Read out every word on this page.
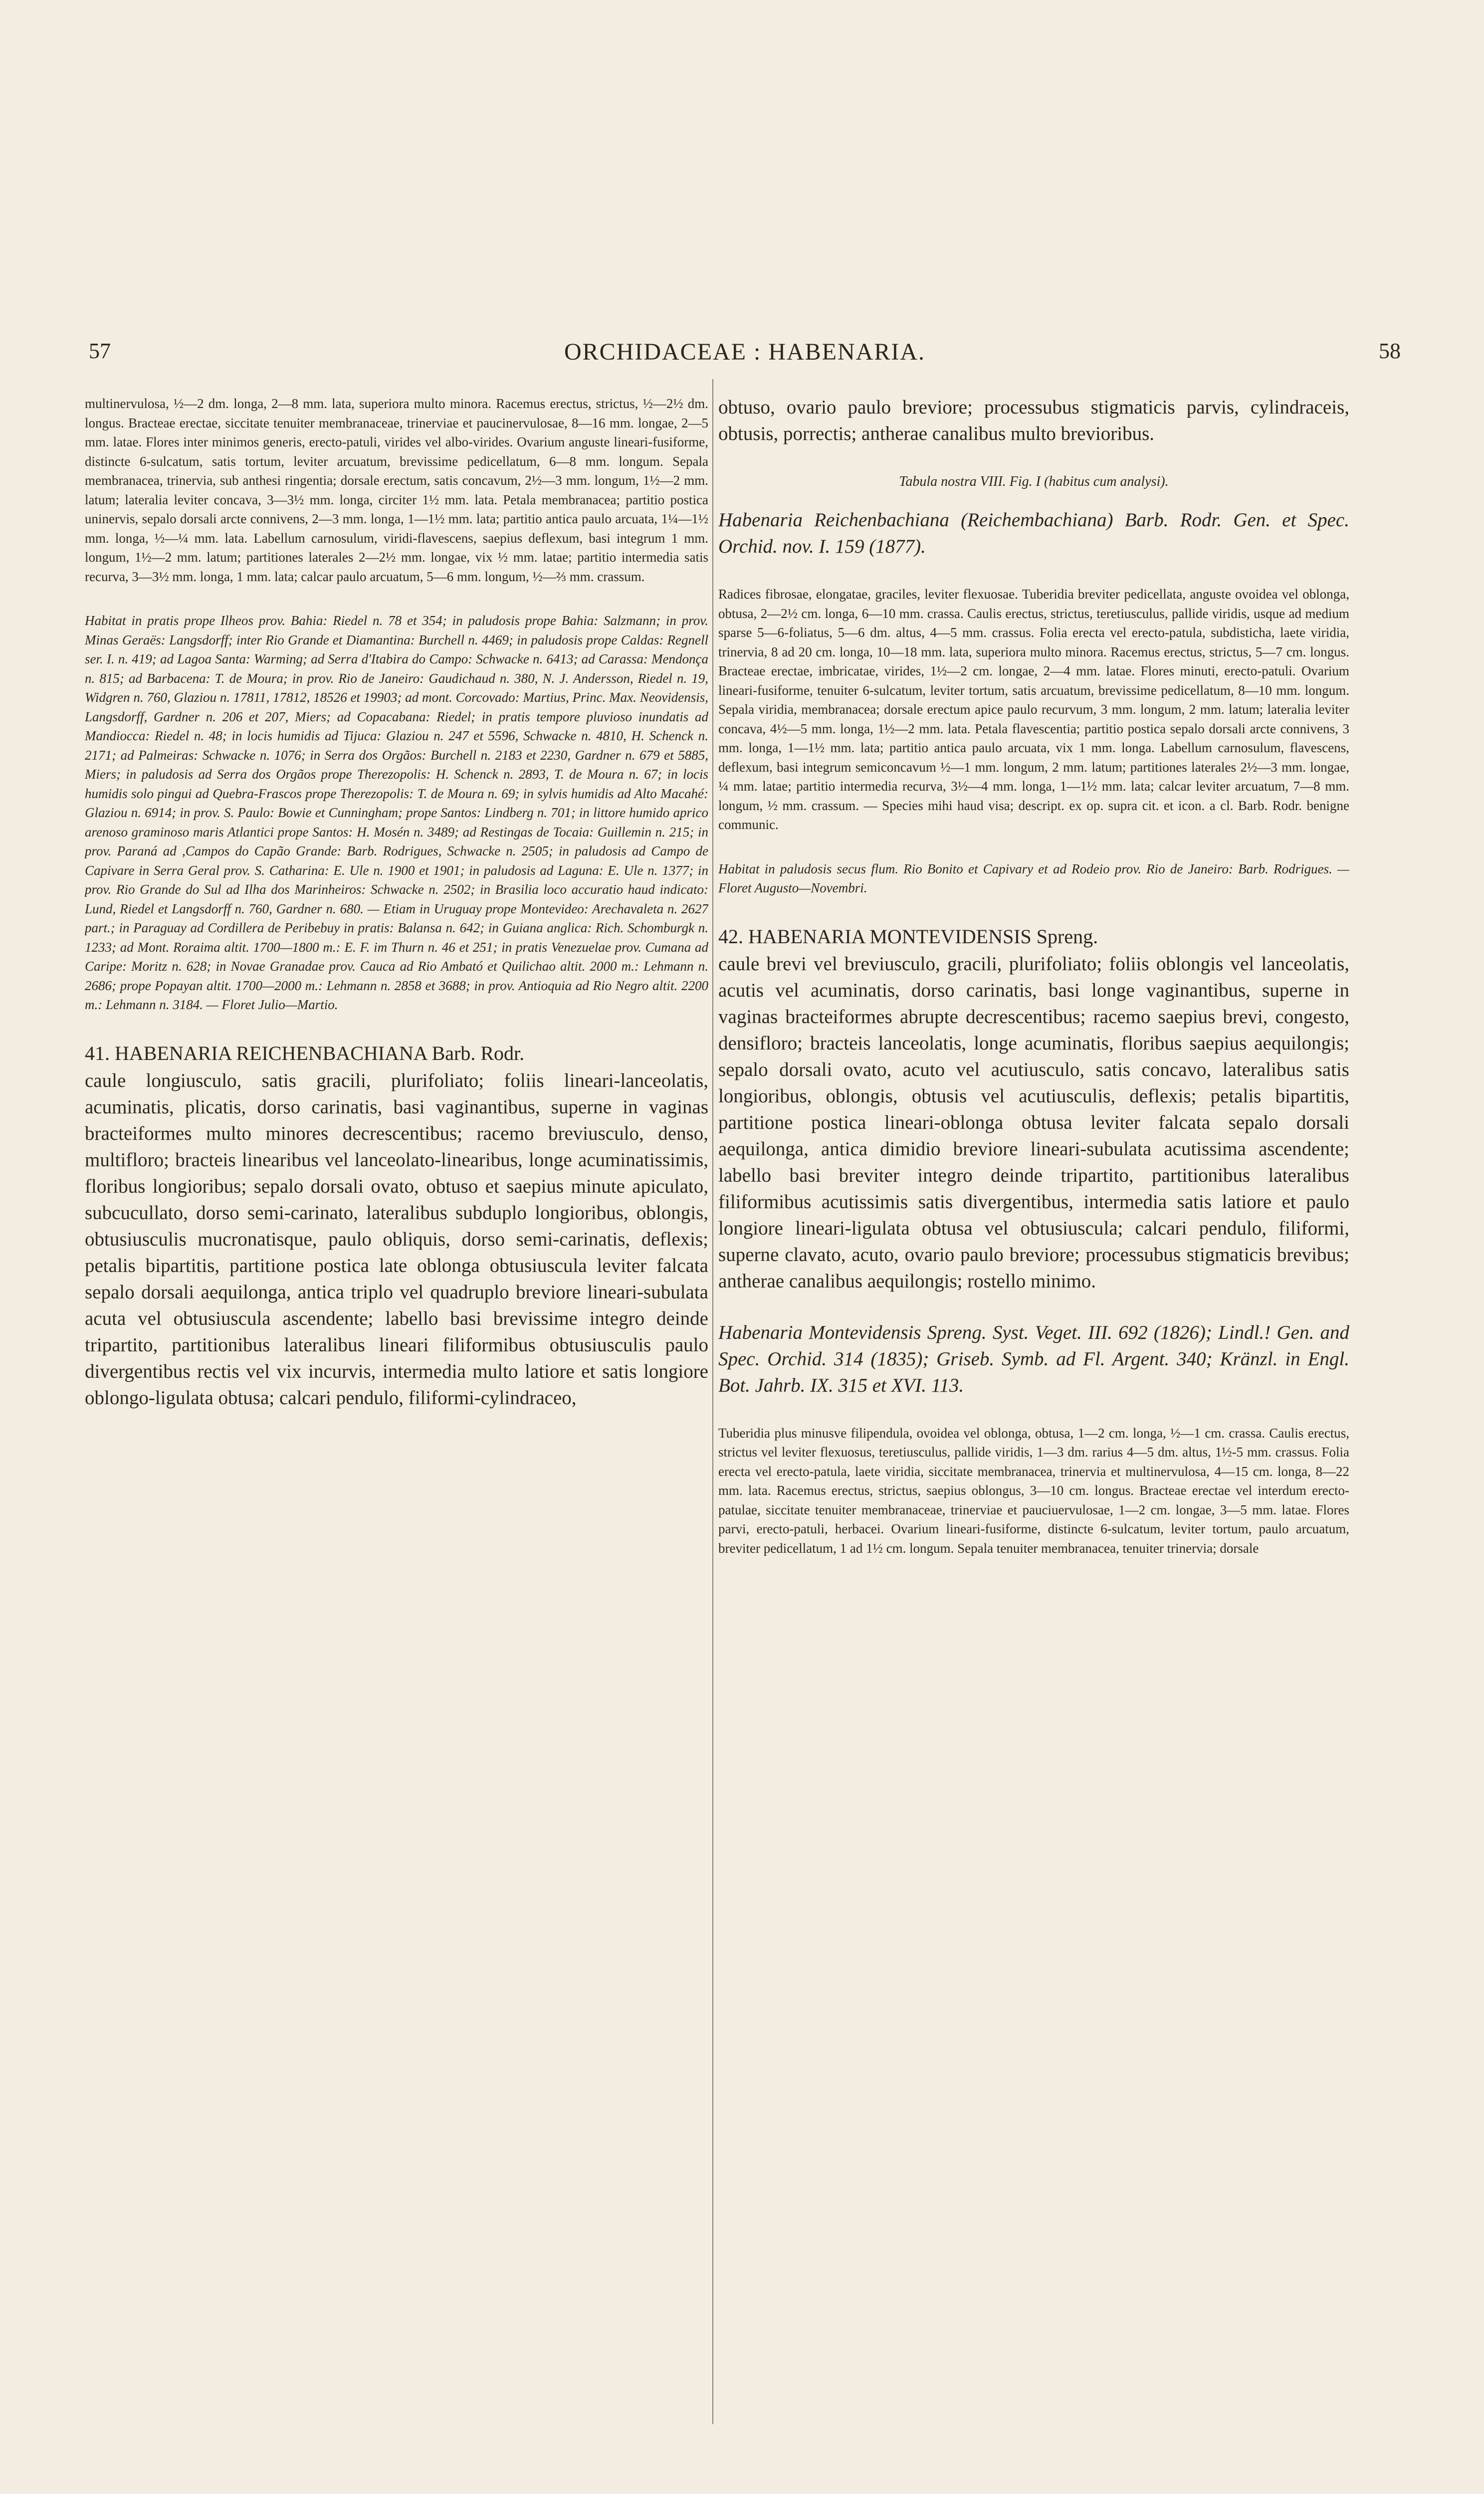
57	ORCHIDACEAE : HABENARIA.	58

multinervulosa, ½—2 dm. longa, 2—8 mm. lata, superiora multo minora. Racemus erectus, strictus, ½—2½ dm. longus. Bracteae erectae, siccitate tenuiter membranaceae, trinerviae et paucinervulosae, 8—16 mm. longae, 2—5 mm. latae. Flores inter minimos generis, erecto-patuli, virides vel albo-virides. Ovarium anguste lineari-fusiforme, distincte 6-sulcatum, satis tortum, leviter arcuatum, brevissime pedicellatum, 6—8 mm. longum. Sepala membranacea, trinervia, sub anthesi ringentia; dorsale erectum, satis concavum, 2½—3 mm. longum, 1½—2 mm. latum; lateralia leviter concava, 3—3½ mm. longa, circiter 1½ mm. lata. Petala membranacea; partitio postica uninervis, sepalo dorsali arcte connivens, 2—3 mm. longa, 1—1½ mm. lata; partitio antica paulo arcuata, 1¼—1½ mm. longa, ½—¼ mm. lata. Labellum carnosulum, viridi-flavescens, saepius deflexum, basi integrum 1 mm. longum, 1½—2 mm. latum; partitiones laterales 2—2½ mm. longae, vix ½ mm. latae; partitio intermedia satis recurva, 3—3½ mm. longa, 1 mm. lata; calcar paulo arcuatum, 5—6 mm. longum, ½—⅔ mm. crassum.

Habitat in pratis prope Ilheos prov. Bahia: Riedel n. 78 et 354; in paludosis prope Bahia: Salzmann; in prov. Minas Geraës: Langsdorff; inter Rio Grande et Diamantina: Burchell n. 4469; in paludosis prope Caldas: Regnell ser. I. n. 419; ad Lagoa Santa: Warming; ad Serra d'Itabira do Campo: Schwacke n. 6413; ad Carassa: Mendonça n. 815; ad Barbacena: T. de Moura; in prov. Rio de Janeiro: Gaudichaud n. 380, N. J. Andersson, Riedel n. 19, Widgren n. 760, Glaziou n. 17811, 17812, 18526 et 19903; ad mont. Corcovado: Martius, Princ. Max. Neovidensis, Langsdorff, Gardner n. 206 et 207, Miers; ad Copacabana: Riedel; in pratis tempore pluvioso inundatis ad Mandiocca: Riedel n. 48; in locis humidis ad Tijuca: Glaziou n. 247 et 5596, Schwacke n. 4810, H. Schenck n. 2171; ad Palmeiras: Schwacke n. 1076; in Serra dos Orgãos: Burchell n. 2183 et 2230, Gardner n. 679 et 5885, Miers; in paludosis ad Serra dos Orgãos prope Therezopolis: H. Schenck n. 2893, T. de Moura n. 67; in locis humidis solo pingui ad Quebra-Frascos prope Therezopolis: T. de Moura n. 69; in sylvis humidis ad Alto Macahé: Glaziou n. 6914; in prov. S. Paulo: Bowie et Cunningham; prope Santos: Lindberg n. 701; in littore humido aprico arenoso graminoso maris Atlantici prope Santos: H. Mosén n. 3489; ad Restingas de Tocaia: Guillemin n. 215; in prov. Paraná ad ,Campos do Capão Grande: Barb. Rodrigues, Schwacke n. 2505; in paludosis ad Campo de Capivare in Serra Geral prov. S. Catharina: E. Ule n. 1900 et 1901; in paludosis ad Laguna: E. Ule n. 1377; in prov. Rio Grande do Sul ad Ilha dos Marinheiros: Schwacke n. 2502; in Brasilia loco accuratio haud indicato: Lund, Riedel et Langsdorff n. 760, Gardner n. 680. — Etiam in Uruguay prope Montevideo: Arechavaleta n. 2627 part.; in Paraguay ad Cordillera de Peribebuy in pratis: Balansa n. 642; in Guiana anglica: Rich. Schomburgk n. 1233; ad Mont. Roraima altit. 1700—1800 m.: E. F. im Thurn n. 46 et 251; in pratis Venezuelae prov. Cumana ad Caripe: Moritz n. 628; in Novae Granadae prov. Cauca ad Rio Ambató et Quilichao altit. 2000 m.: Lehmann n. 2686; prope Popayan altit. 1700—2000 m.: Lehmann n. 2858 et 3688; in prov. Antioquia ad Rio Negro altit. 2200 m.: Lehmann n. 3184. — Floret Julio—Martio.

41. HABENARIA REICHENBACHIANA Barb. Rodr.

caule longiusculo, satis gracili, plurifoliato; foliis lineari-lanceolatis, acuminatis, plicatis, dorso carinatis, basi vaginantibus, superne in vaginas bracteiformes multo minores decrescentibus; racemo breviusculo, denso, multifloro; bracteis linearibus vel lanceolato-linearibus, longe acuminatissimis, floribus longioribus; sepalo dorsali ovato, obtuso et saepius minute apiculato, subcucullato, dorso semi-carinato, lateralibus subduplo longioribus, oblongis, obtusiusculis mucronatisque, paulo obliquis, dorso semi-carinatis, deflexis; petalis bipartitis, partitione postica late oblonga obtusiuscula leviter falcata sepalo dorsali aequilonga, antica triplo vel quadruplo breviore lineari-subulata acuta vel obtusiuscula ascendente; labello basi brevissime integro deinde tripartito, partitionibus lateralibus lineari filiformibus obtusiusculis paulo divergentibus rectis vel vix incurvis, intermedia multo latiore et satis longiore oblongo-ligulata obtusa; calcari pendulo, filiformi-cylindraceo,

obtuso, ovario paulo breviore; processubus stigmaticis parvis, cylindraceis, obtusis, porrectis; antherae canalibus multo brevioribus.

Tabula nostra VIII. Fig. I (habitus cum analysi).

Habenaria Reichenbachiana (Reichembachiana) Barb. Rodr. Gen. et Spec. Orchid. nov. I. 159 (1877).

Radices fibrosae, elongatae, graciles, leviter flexuosae. Tuberidia breviter pedicellata, anguste ovoidea vel oblonga, obtusa, 2—2½ cm. longa, 6—10 mm. crassa. Caulis erectus, strictus, teretiusculus, pallide viridis, usque ad medium sparse 5—6-foliatus, 5—6 dm. altus, 4—5 mm. crassus. Folia erecta vel erecto-patula, subdisticha, laete viridia, trinervia, 8 ad 20 cm. longa, 10—18 mm. lata, superiora multo minora. Racemus erectus, strictus, 5—7 cm. longus. Bracteae erectae, imbricatae, virides, 1½—2 cm. longae, 2—4 mm. latae. Flores minuti, erecto-patuli. Ovarium lineari-fusiforme, tenuiter 6-sulcatum, leviter tortum, satis arcuatum, brevissime pedicellatum, 8—10 mm. longum. Sepala viridia, membranacea; dorsale erectum apice paulo recurvum, 3 mm. longum, 2 mm. latum; lateralia leviter concava, 4½—5 mm. longa, 1½—2 mm. lata. Petala flavescentia; partitio postica sepalo dorsali arcte connivens, 3 mm. longa, 1—1½ mm. lata; partitio antica paulo arcuata, vix 1 mm. longa. Labellum carnosulum, flavescens, deflexum, basi integrum semiconcavum ½—1 mm. longum, 2 mm. latum; partitiones laterales 2½—3 mm. longae, ¼ mm. latae; partitio intermedia recurva, 3½—4 mm. longa, 1—1½ mm. lata; calcar leviter arcuatum, 7—8 mm. longum, ½ mm. crassum. — Species mihi haud visa; descript. ex op. supra cit. et icon. a cl. Barb. Rodr. benigne communic.

Habitat in paludosis secus flum. Rio Bonito et Capivary et ad Rodeio prov. Rio de Janeiro: Barb. Rodrigues. — Floret Augusto—Novembri.

42. HABENARIA MONTEVIDENSIS Spreng.

caule brevi vel breviusculo, gracili, plurifoliato; foliis oblongis vel lanceolatis, acutis vel acuminatis, dorso carinatis, basi longe vaginantibus, superne in vaginas bracteiformes abrupte decrescentibus; racemo saepius brevi, congesto, densifloro; bracteis lanceolatis, longe acuminatis, floribus saepius aequilongis; sepalo dorsali ovato, acuto vel acutiusculo, satis concavo, lateralibus satis longioribus, oblongis, obtusis vel acutiusculis, deflexis; petalis bipartitis, partitione postica lineari-oblonga obtusa leviter falcata sepalo dorsali aequilonga, antica dimidio breviore lineari-subulata acutissima ascendente; labello basi breviter integro deinde tripartito, partitionibus lateralibus filiformibus acutissimis satis divergentibus, intermedia satis latiore et paulo longiore lineari-ligulata obtusa vel obtusiuscula; calcari pendulo, filiformi, superne clavato, acuto, ovario paulo breviore; processubus stigmaticis brevibus; antherae canalibus aequilongis; rostello minimo.

Habenaria Montevidensis Spreng. Syst. Veget. III. 692 (1826); Lindl.! Gen. and Spec. Orchid. 314 (1835); Griseb. Symb. ad Fl. Argent. 340; Kränzl. in Engl. Bot. Jahrb. IX. 315 et XVI. 113.

Tuberidia plus minusve filipendula, ovoidea vel oblonga, obtusa, 1—2 cm. longa, ½—1 cm. crassa. Caulis erectus, strictus vel leviter flexuosus, teretiusculus, pallide viridis, 1—3 dm. rarius 4—5 dm. altus, 1½-5 mm. crassus. Folia erecta vel erecto-patula, laete viridia, siccitate membranacea, trinervia et multinervulosa, 4—15 cm. longa, 8—22 mm. lata. Racemus erectus, strictus, saepius oblongus, 3—10 cm. longus. Bracteae erectae vel interdum erecto-patulae, siccitate tenuiter membranaceae, trinerviae et pauciuervulosae, 1—2 cm. longae, 3—5 mm. latae. Flores parvi, erecto-patuli, herbacei. Ovarium lineari-fusiforme, distincte 6-sulcatum, leviter tortum, paulo arcuatum, breviter pedicellatum, 1 ad 1½ cm. longum. Sepala tenuiter membranacea, tenuiter trinervia; dorsale
